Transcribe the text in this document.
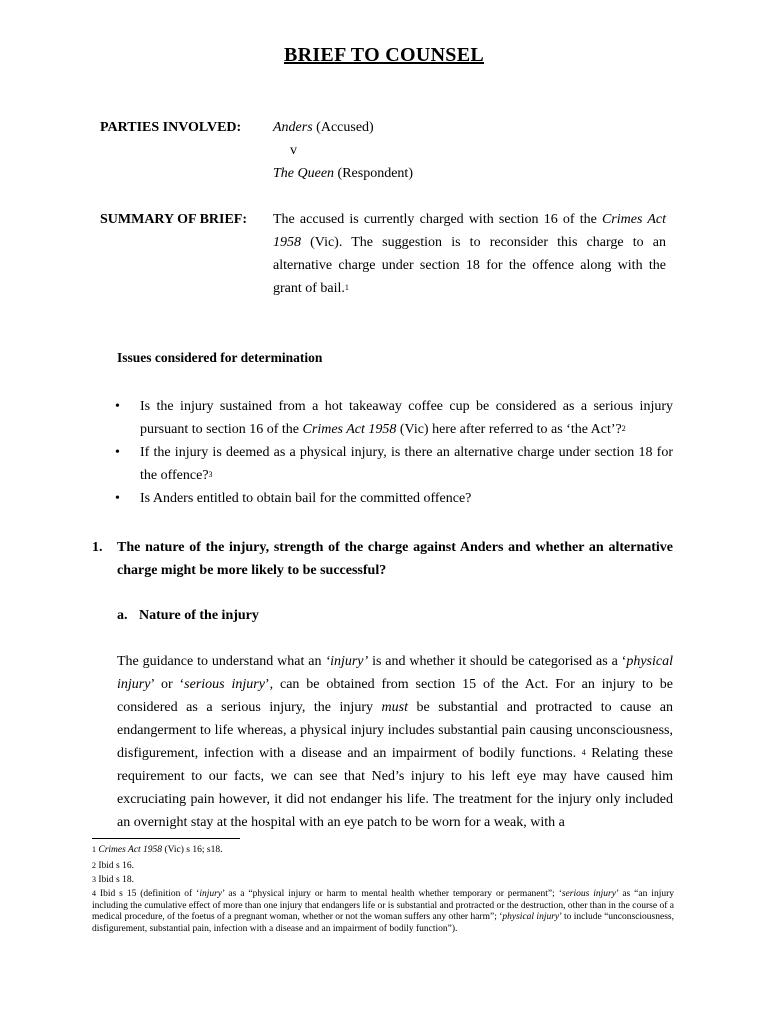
BRIEF TO COUNSEL
PARTIES INVOLVED: Anders (Accused)
v
The Queen (Respondent)
SUMMARY OF BRIEF: The accused is currently charged with section 16 of the Crimes Act 1958 (Vic). The suggestion is to reconsider this charge to an alternative charge under section 18 for the offence along with the grant of bail.$^1$
Issues considered for determination
• Is the injury sustained from a hot takeaway coffee cup be considered as a serious injury pursuant to section 16 of the Crimes Act 1958 (Vic) here after referred to as ‘the Act’?$^2$
• If the injury is deemed as a physical injury, is there an alternative charge under section 18 for the offence?$^3$
• Is Anders entitled to obtain bail for the committed offence?
1. The nature of the injury, strength of the charge against Anders and whether an alternative charge might be more likely to be successful?
a. Nature of the injury
The guidance to understand what an ‘injury’ is and whether it should be categorised as a ‘physical injury’ or ‘serious injury’, can be obtained from section 15 of the Act. For an injury to be considered as a serious injury, the injury must be substantial and protracted to cause an endangerment to life whereas, a physical injury includes substantial pain causing unconsciousness, disfigurement, infection with a disease and an impairment of bodily functions. $^4$ Relating these requirement to our facts, we can see that Ned’s injury to his left eye may have caused him excruciating pain however, it did not endanger his life. The treatment for the injury only included an overnight stay at the hospital with an eye patch to be worn for a weak, with a
$^1$ Crimes Act 1958 (Vic) s 16; s18.
$^2$ Ibid s 16.
$^3$ Ibid s 18.
$^4$ Ibid s 15 (definition of ‘injury’ as a “physical injury or harm to mental health whether temporary or permanent”; ‘serious injury’ as “an injury including the cumulative effect of more than one injury that endangers life or is substantial and protracted or the destruction, other than in the course of a medical procedure, of the foetus of a pregnant woman, whether or not the woman suffers any other harm”; ‘physical injury’ to include “unconsciousness, disfigurement, substantial pain, infection with a disease and an impairment of bodily function”).
